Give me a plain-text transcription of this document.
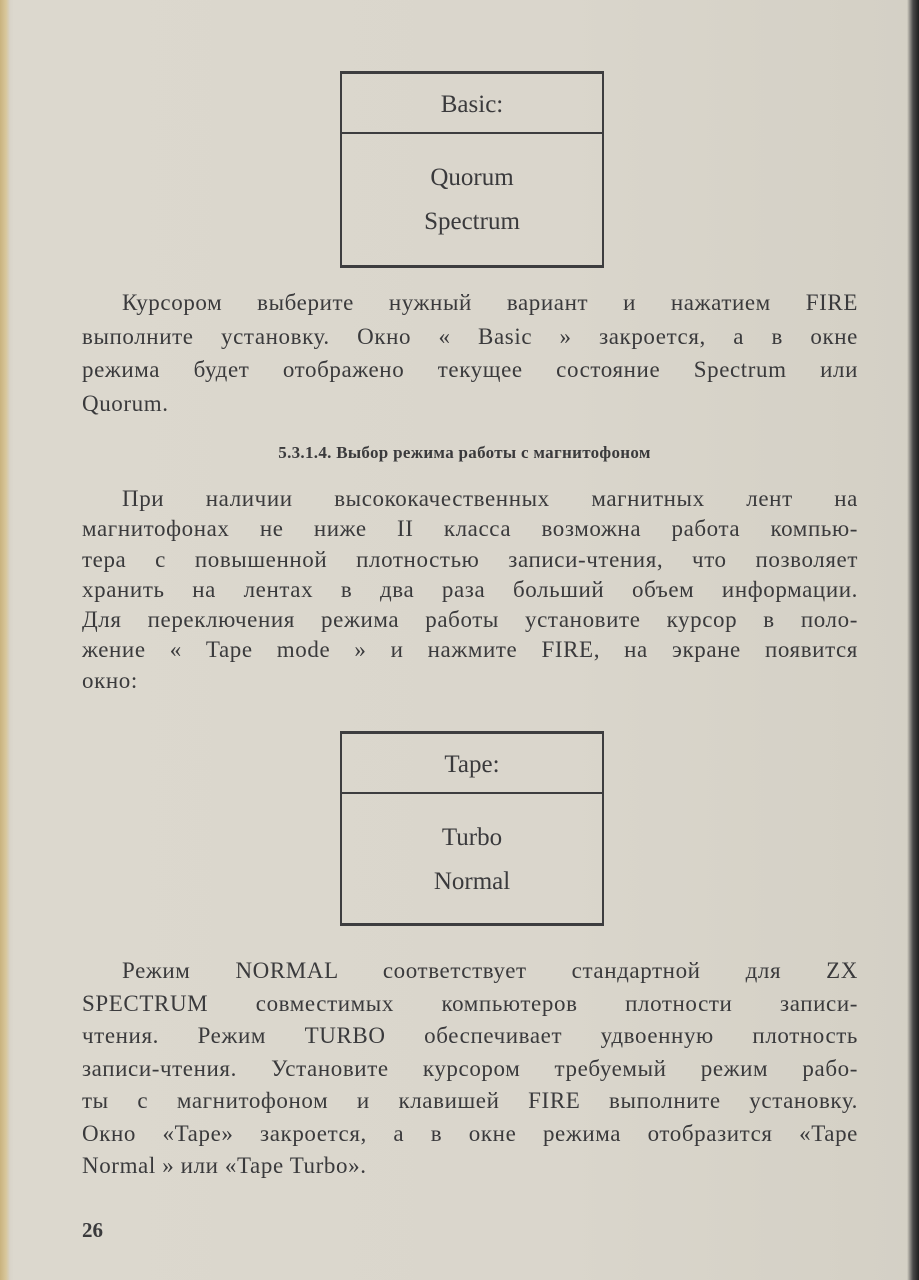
Basic:
Quorum
Spectrum
Курсором выберите нужный вариант и нажатием FIRE
выполните установку. Окно « Basic » закроется, а в окне
режима будет отображено текущее состояние Spectrum или
Quorum.
5.3.1.4. Выбор режима работы с магнитофоном
При наличии высококачественных магнитных лент на
магнитофонах не ниже II класса возможна работа компью-
тера с повышенной плотностью записи-чтения, что позволяет
хранить на лентах в два раза больший объем информации.
Для переключения режима работы установите курсор в поло-
жение « Tape mode » и нажмите FIRE, на экране появится
окно:
Tape:
Turbo
Normal
Режим NORMAL соответствует стандартной для ZX
SPECTRUM совместимых компьютеров плотности записи-
чтения. Режим TURBO обеспечивает удвоенную плотность
записи-чтения. Установите курсором требуемый режим рабо-
ты с магнитофоном и клавишей FIRE выполните установку.
Окно «Tape» закроется, а в окне режима отобразится «Tape
Normal » или «Tape Turbo».
26
